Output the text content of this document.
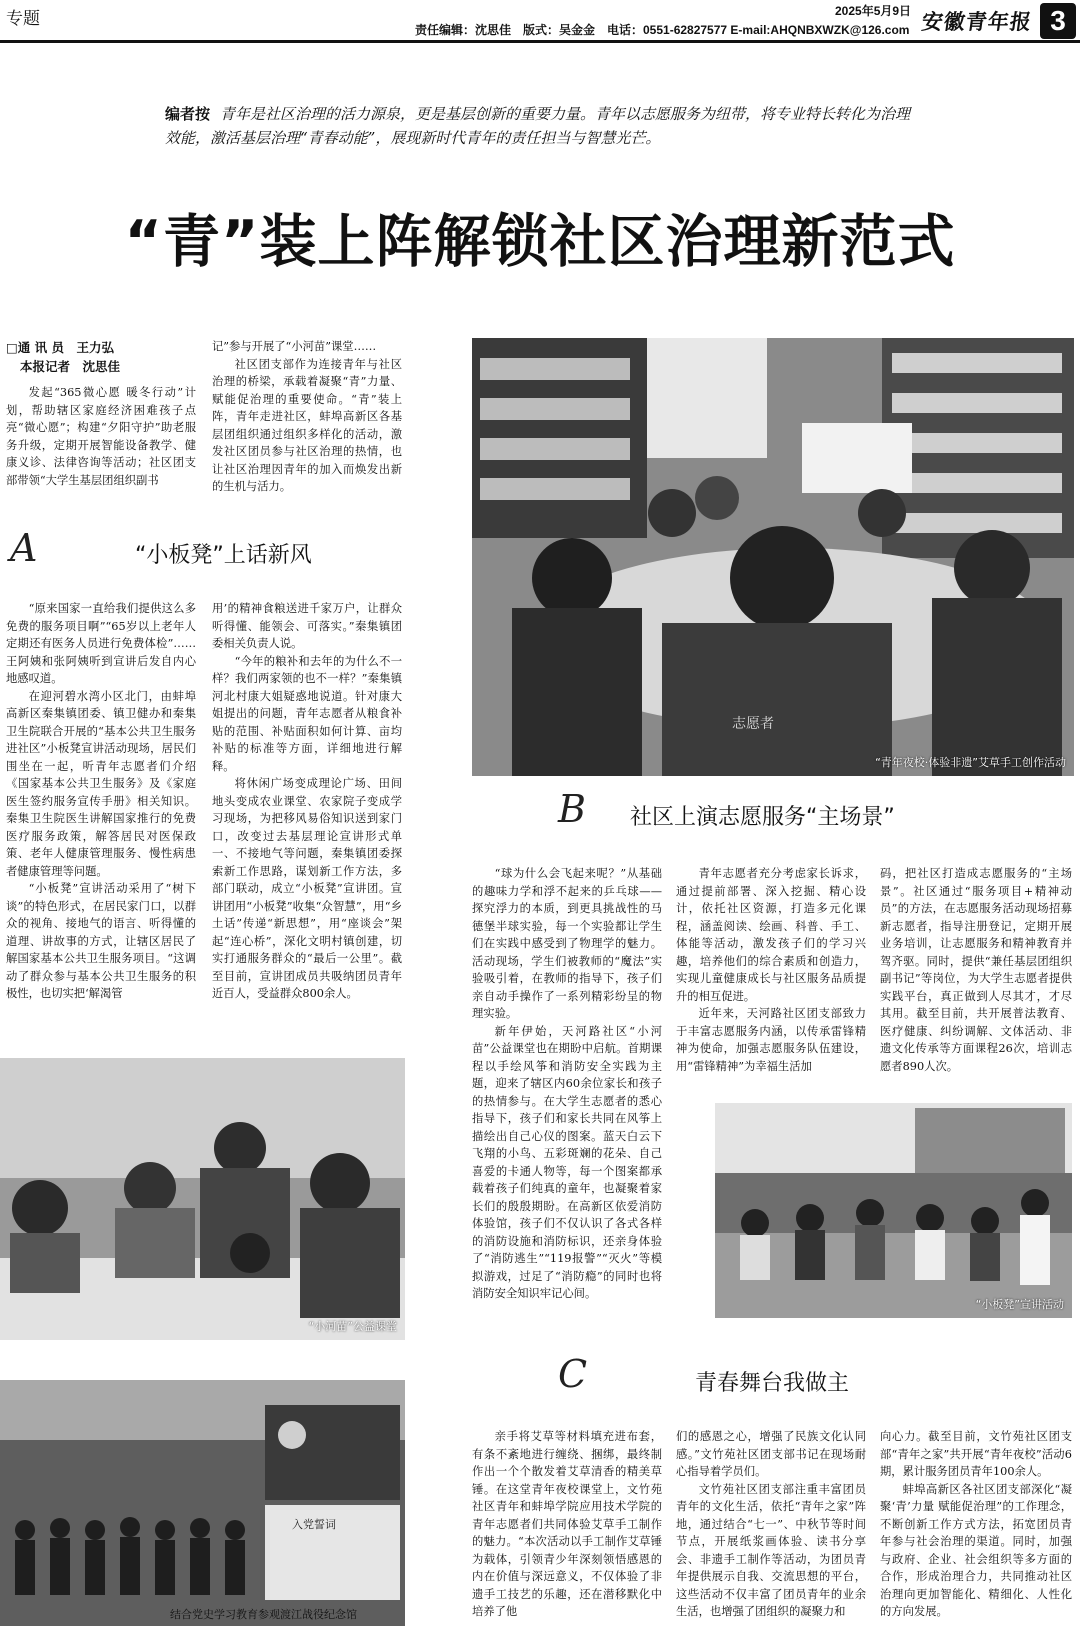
专题	2025年5月9日
责任编辑：沈思佳　版式：吴金金　电话：0551-62827577 E-mail:AHQNBXWZK@126.com 安徽青年报 3
编者按 青年是社区治理的活力源泉，更是基层创新的重要力量。青年以志愿服务为纽带，将专业特长转化为治理效能，激活基层治理“青春动能”，展现新时代青年的责任担当与智慧光芒。
“青”装上阵解锁社区治理新范式
□通 讯 员　王力弘
本报记者　沈思佳

发起“365微心愿 暖冬行动”计划，帮助辖区家庭经济困难孩子点亮“微心愿”；构建“夕阳守护”助老服务升级，定期开展智能设备教学、健康义诊、法律咨询等活动；社区团支部带领“大学生基层团组织副书

记”参与开展了“小河苗”课堂……

社区团支部作为连接青年与社区治理的桥梁，承载着凝聚“青”力量、赋能促治理的重要使命。“青”装上阵，青年走进社区，蚌埠高新区各基层团组织通过组织多样化的活动，激发社区团员参与社区治理的热情，也让社区治理因青年的加入而焕发出新的生机与活力。

A	“小板凳”上话新风

“原来国家一直给我们提供这么多免费的服务项目啊”“65岁以上老年人定期还有医务人员进行免费体检”……王阿姨和张阿姨听到宣讲后发自内心地感叹道。

在迎河碧水湾小区北门，由蚌埠高新区秦集镇团委、镇卫健办和秦集卫生院联合开展的“基本公共卫生服务进社区”小板凳宣讲活动现场，居民们围坐在一起，听青年志愿者们介绍《国家基本公共卫生服务》及《家庭医生签约服务宣传手册》相关知识。秦集卫生院医生讲解国家推行的免费医疗服务政策，解答居民对医保政策、老年人健康管理服务、慢性病患者健康管理等问题。

“小板凳”宣讲活动采用了“树下谈”的特色形式，在居民家门口，以群众的视角、接地气的语言、听得懂的道理、讲故事的方式，让辖区居民了解国家基本公共卫生服务项目。“这调动了群众参与基本公共卫生服务的积极性，也切实把‘解渴管

用’的精神食粮送进千家万户，让群众听得懂、能领会、可落实。”秦集镇团委相关负责人说。

“今年的粮补和去年的为什么不一样？我们两家领的也不一样？”秦集镇河北村康大姐疑惑地说道。针对康大姐提出的问题，青年志愿者从粮食补贴的范围、补贴面积如何计算、亩均补贴的标准等方面，详细地进行解释。

将休闲广场变成理论广场、田间地头变成农业课堂、农家院子变成学习现场，为把移风易俗知识送到家门口，改变过去基层理论宣讲形式单一、不接地气等问题，秦集镇团委探索新工作思路，谋划新工作方法，多部门联动，成立“小板凳”宣讲团。宣讲团用“小板凳”收集“众智慧”，用“乡土话”传递“新思想”，用“座谈会”架起“连心桥”，深化文明村镇创建，切实打通服务群众的“最后一公里”。截至目前，宣讲团成员共吸纳团员青年近百人，受益群众800余人。

志愿者
“青年夜校·体验非遗”艾草手工创作活动
B 社区上演志愿服务“主场景”

“球为什么会飞起来呢？”从基础的趣味力学和浮不起来的乒乓球——探究浮力的本质，到更具挑战性的马德堡半球实验，每一个实验都让学生们在实践中感受到了物理学的魅力。活动现场，学生们被教师的“魔法”实验吸引着，在教师的指导下，孩子们亲自动手操作了一系列精彩纷呈的物理实验。

新年伊始，天河路社区“小河苗”公益课堂也在期盼中启航。首期课程以手绘风筝和消防安全实践为主题，迎来了辖区内60余位家长和孩子的热情参与。在大学生志愿者的悉心指导下，孩子们和家长共同在风筝上描绘出自己心仪的图案。蓝天白云下飞翔的小鸟、五彩斑斓的花朵、自己喜爱的卡通人物等，每一个图案都承载着孩子们纯真的童年，也凝聚着家长们的殷殷期盼。在高新区依爱消防体验馆，孩子们不仅认识了各式各样的消防设施和消防标识，还亲身体验了“消防逃生”“119报警”“灭火”等模拟游戏，过足了“消防瘾”的同时也将消防安全知识牢记心间。

青年志愿者充分考虑家长诉求，通过提前部署、深入挖掘、精心设计，依托社区资源，打造多元化课程，涵盖阅读、绘画、科普、手工、体能等活动，激发孩子们的学习兴趣，培养他们的综合素质和创造力，实现儿童健康成长与社区服务品质提升的相互促进。

近年来，天河路社区团支部致力于丰富志愿服务内涵，以传承雷锋精神为使命，加强志愿服务队伍建设，用“雷锋精神”为幸福生活加

码，把社区打造成志愿服务的“主场景”。社区通过“服务项目+精神动员”的方法，在志愿服务活动现场招募新志愿者，指导注册登记，定期开展业务培训，让志愿服务和精神教育并驾齐驱。同时，提供“兼任基层团组织副书记”等岗位，为大学生志愿者提供实践平台，真正做到人尽其才，才尽其用。截至目前，共开展普法教育、医疗健康、纠纷调解、文体活动、非遗文化传承等方面课程26次，培训志愿者890人次。

“小河苗”公益课堂
“小板凳”宣讲活动
C	青春舞台我做主

亲手将艾草等材料填充进布套，有条不紊地进行缠绕、捆绑，最终制作出一个个散发着艾草清香的精美草锤。在这堂青年夜校课堂上，文竹苑社区青年和蚌埠学院应用技术学院的青年志愿者们共同体验艾草手工制作的魅力。“本次活动以手工制作艾草锤为载体，引领青少年深刻领悟感恩的内在价值与深远意义，不仅体验了非遗手工技艺的乐趣，还在潜移默化中培养了他

们的感恩之心，增强了民族文化认同感。”文竹苑社区团支部书记在现场耐心指导着学员们。

文竹苑社区团支部注重丰富团员青年的文化生活，依托“青年之家”阵地，通过结合“七一”、中秋节等时间节点，开展纸浆画体验、读书分享会、非遗手工制作等活动，为团员青年提供展示自我、交流思想的平台，这些活动不仅丰富了团员青年的业余生活，也增强了团组织的凝聚力和

向心力。截至目前，文竹苑社区团支部“青年之家”共开展“青年夜校”活动6期，累计服务团员青年100余人。

蚌埠高新区各社区团支部深化“凝聚‘青’力量 赋能促治理”的工作理念，不断创新工作方式方法，拓宽团员青年参与社会治理的渠道。同时，加强与政府、企业、社会组织等多方面的合作，形成治理合力，共同推动社区治理向更加智能化、精细化、人性化的方向发展。

入党誓词
结合党史学习教育参观渡江战役纪念馆
